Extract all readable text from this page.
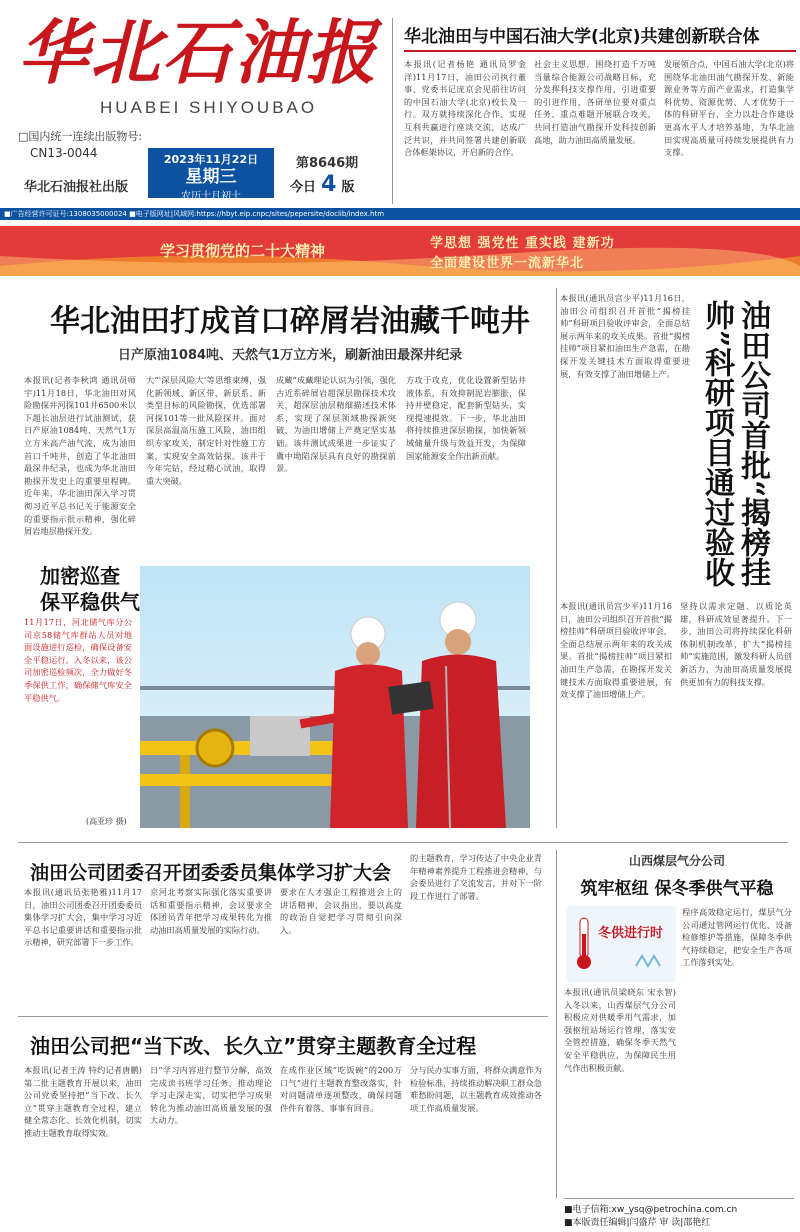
华北石油报
HUABEI SHIYOUBAO
□国内统一连续出版物号:
CN13-0044
华北石油报社出版
2023年11月22日
星期三
农历十月初十
第8646期
今日 4 版
华北油田与中国石油大学(北京)共建创新联合体
本报讯(记者杨艳 通讯员罗金洋)11月17日，油田公司执行董事、党委书记庞京会见前往访问的中国石油大学(北京)校长及一行。双方就持续深化合作、实现互利共赢进行座谈交流，达成广泛共识，并共同签署共建创新联合体框架协议，开启新的合作。
社会主义思想，围绕打造千万吨当量综合能源公司战略目标，充分发挥科技支撑作用，引进重要的引进作用，各研单位要对重点任务、重点难题开展联合攻关，共同打造油气勘探开发科技创新高地，助力油田高质量发展。
发展领合点，中国石油大学(北京)将围绕华北油田油气勘探开发、新能源业务等方面产业需求，打造集学科优势、资源优势、人才优势于一体的科研平台，全力以赴合作建设更高水平人才培养基地，为华北油田实现高质量可持续发展提供有力支撑。
■广告经营许可证号:1308035000024 ■电子版网址|风域网:https://hbyt.eip.cnpc/sites/pepersite/doclib/index.htm
学习贯彻党的二十大精神	学思想 强党性 重实践 建新功
全面建设世界一流新华北
华北油田打成首口碎屑岩油藏千吨井
日产原油1084吨、天然气1万立方米，刷新油田最深井纪录
本报讯(记者李秋鸿 通讯员师宇)11月18日，华北油田对风险勘探井河探101井6500米以下超长油层进行试油测试，获日产原油1084吨、天然气1万立方米高产油气流，成为油田首口千吨井，创造了华北油田最深井纪录，也成为华北油田勘探开发史上的重要里程碑。近年来，华北油田深入学习贯彻习近平总书记关于能源安全的重要指示批示精神，强化碎屑岩地层勘探开发。
大“'深层风险大'等思维束缚，强化新领域、新区带、新层系、新类型目标的风险勘探，优选部署河探101等一批风险探井。面对深层高温高压施工风险，油田组织专家攻关，制定针对性施工方案，实现安全高效钻探。该井于今年完钻，经过精心试油，取得重大突破。
成藏“成藏理论认识为引领，强化古近系碎屑岩超深层勘探技术攻关，超深层油层精细描述技术体系，实现了深层领域勘探新突破，为油田增储上产奠定坚实基础。该井测试成果进一步证实了冀中坳陷深层具有良好的勘探前景。
方攻于攻克，优化设置新型钻井液体系，有效抑制泥岩膨胀，保持井壁稳定，配套新型钻头，实现提速提效。下一步，华北油田将持续推进深层勘探，加快新领域储量升级与效益开发，为保障国家能源安全作出新贡献。
加密巡查
保平稳供气
11月17日，河北储气库分公司京58储气库群站人员对地面设施进行巡检，确保设备安全平稳运行。入冬以来，该公司加密巡检频次，全力做好冬季保供工作，确保储气库安全平稳供气。
(高亚珍 摄)
本报讯(通讯员宫少平)11月16日，油田公司组织召开首批“揭榜挂帅”科研项目验收评审会，全面总结展示两年来的攻关成果。首批“揭榜挂帅”项目紧扣油田生产急需，在勘探开发关键技术方面取得重要进展，有效支撑了油田增储上产。	油田公司首批“揭榜挂帅”科研项目通过验收
本报讯(通讯员宫少平)11月16日，油田公司组织召开首批“揭榜挂帅”科研项目验收评审会，全面总结展示两年来的攻关成果。首批“揭榜挂帅”项目紧扣油田生产急需，在勘探开发关键技术方面取得重要进展，有效支撑了油田增储上产。
坚持以需求定题、以质论英雄，科研成效显著提升。下一步，油田公司将持续深化科研体制机制改革，扩大“揭榜挂帅”实施范围，激发科研人员创新活力，为油田高质量发展提供更加有力的科技支撑。
油田公司团委召开团委委员集体学习扩大会
本报讯(通讯员张艳雅)11月17日，油田公司团委召开团委委员集体学习扩大会，集中学习习近平总书记重要讲话和重要指示批示精神，研究部署下一步工作。
京河北考察实际强化落实重要讲话和重要指示精神，会议要求全体团员青年把学习成果转化为推动油田高质量发展的实际行动。
要求在人才强企工程推进会上的讲话精神，会议指出，要以高度的政治自觉把学习贯彻引向深入。
的主题教育，学习传达了中央企业青年精神素养提升工程推进会精神，与会委员进行了交流发言，并对下一阶段工作进行了部署。
油田公司把“当下改、长久立”贯穿主题教育全过程
本报讯(记者王涛 特约记者唐鹏)第二批主题教育开展以来，油田公司党委坚持把“当下改、长久立”贯穿主题教育全过程，建立健全常态化、长效化机制，切实推动主题教育取得实效。
日”学习内容进行整节分解，高效完成读书班学习任务，推动理论学习走深走实，切实把学习成果转化为推动油田高质量发展的强大动力。
在成作业区域“吃饭碗”的200万口气”进行主题教育整改落实，针对问题清单逐项整改，确保问题件件有着落、事事有回音。
分与民办实事方面，将群众满意作为检验标准，持续推动解决职工群众急难愁盼问题，以主题教育成效推动各项工作高质量发展。
山西煤层气分公司
筑牢枢纽 保冬季供气平稳
冬供进行时
本报讯(通讯员梁晓东 宋永智)入冬以来，山西煤层气分公司积极应对供暖季用气需求，加强枢纽站场运行管理，落实安全管控措施，确保冬季天然气安全平稳供应，为保障民生用气作出积极贡献。
程序高效稳定运行，煤层气分公司通过管网运行优化、设备检修维护等措施，保障冬季供气持续稳定，把安全生产各项工作落到实处。
■电子信箱:xw_ysq@petrochina.com.cn
■本版责任编辑|闫盛芹 审 读|邵艳红
